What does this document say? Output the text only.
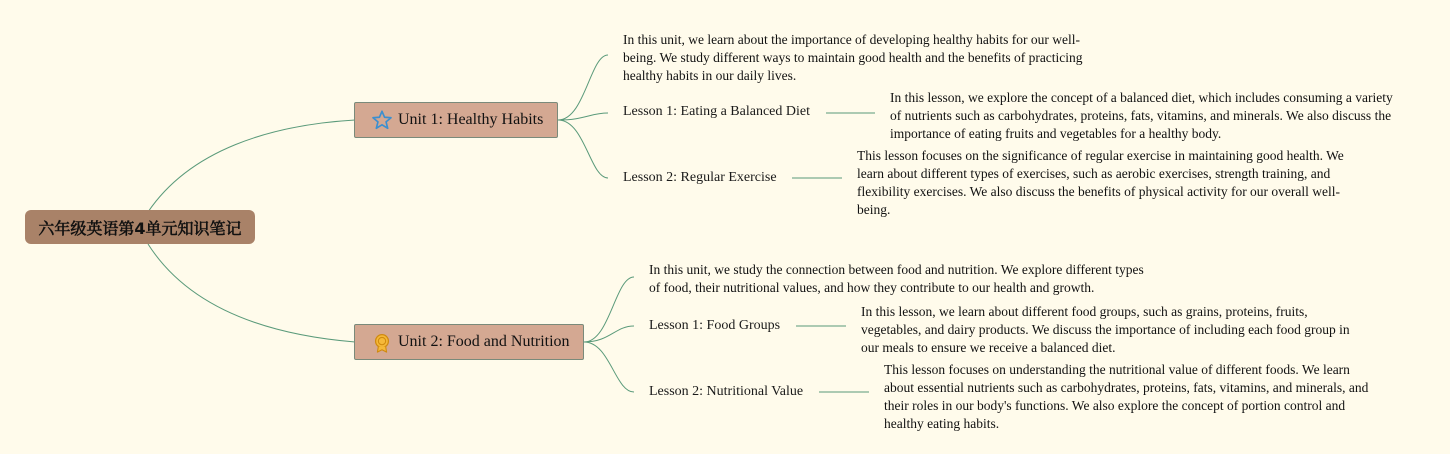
六年级英语第4单元知识笔记
Unit 1: Healthy Habits
In this unit, we learn about the importance of developing healthy habits for our well-being. We study different ways to maintain good health and the benefits of practicing healthy habits in our daily lives.
Lesson 1: Eating a Balanced Diet
In this lesson, we explore the concept of a balanced diet, which includes consuming a variety of nutrients such as carbohydrates, proteins, fats, vitamins, and minerals. We also discuss the importance of eating fruits and vegetables for a healthy body.
Lesson 2: Regular Exercise
This lesson focuses on the significance of regular exercise in maintaining good health. We learn about different types of exercises, such as aerobic exercises, strength training, and flexibility exercises. We also discuss the benefits of physical activity for our overall well-being.
Unit 2: Food and Nutrition
In this unit, we study the connection between food and nutrition. We explore different types of food, their nutritional values, and how they contribute to our health and growth.
Lesson 1: Food Groups
In this lesson, we learn about different food groups, such as grains, proteins, fruits, vegetables, and dairy products. We discuss the importance of including each food group in our meals to ensure we receive a balanced diet.
Lesson 2: Nutritional Value
This lesson focuses on understanding the nutritional value of different foods. We learn about essential nutrients such as carbohydrates, proteins, fats, vitamins, and minerals, and their roles in our body's functions. We also explore the concept of portion control and healthy eating habits.
